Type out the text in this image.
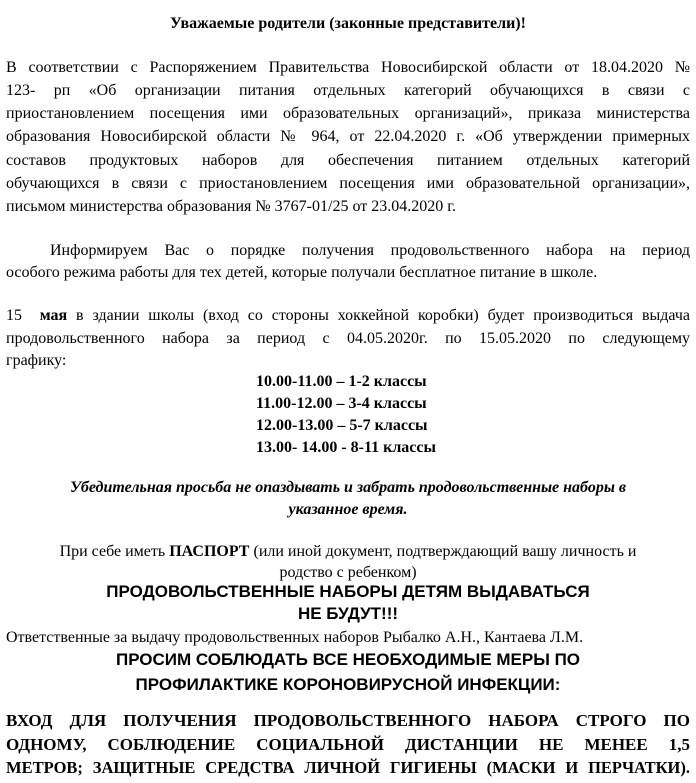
Уважаемые родители (законные представители)!
В соответствии с Распоряжением Правительства Новосибирской области от 18.04.2020 №
123- рп «Об организации питания отдельных категорий обучающихся в связи с
приостановлением посещения ими образовательных организаций», приказа министерства
образования Новосибирской области № 964, от 22.04.2020 г. «Об утверждении примерных
составов продуктовых наборов для обеспечения питанием отдельных категорий
обучающихся в связи с приостановлением посещения ими образовательной организации»,
письмом министерства образования № 3767-01/25 от 23.04.2020 г.
Информируем Вас о порядке получения продовольственного набора на период
особого режима работы для тех детей, которые получали бесплатное питание в школе.
15 мая в здании школы (вход со стороны хоккейной коробки) будет производиться выдача
продовольственного набора за период с 04.05.2020г. по 15.05.2020 по следующему
графику:
10.00-11.00 – 1-2 классы
11.00-12.00 – 3-4 классы
12.00-13.00 – 5-7 классы
13.00- 14.00 - 8-11 классы
Убедительная просьба не опаздывать и забрать продовольственные наборы в
указанное время.
При себе иметь ПАСПОРТ (или иной документ, подтверждающий вашу личность и
родство с ребенком)
ПРОДОВОЛЬСТВЕННЫЕ НАБОРЫ ДЕТЯМ ВЫДАВАТЬСЯ
НЕ БУДУТ!!!
Ответственные за выдачу продовольственных наборов Рыбалко А.Н., Кантаева Л.М.
ПРОСИМ СОБЛЮДАТЬ ВСЕ НЕОБХОДИМЫЕ МЕРЫ ПО
ПРОФИЛАКТИКЕ КОРОНОВИРУСНОЙ ИНФЕКЦИИ:
ВХОД ДЛЯ ПОЛУЧЕНИЯ ПРОДОВОЛЬСТВЕННОГО НАБОРА СТРОГО ПО
ОДНОМУ, СОБЛЮДЕНИЕ СОЦИАЛЬНОЙ ДИСТАНЦИИ НЕ МЕНЕЕ 1,5
МЕТРОВ; ЗАЩИТНЫЕ СРЕДСТВА ЛИЧНОЙ ГИГИЕНЫ (МАСКИ И ПЕРЧАТКИ).
